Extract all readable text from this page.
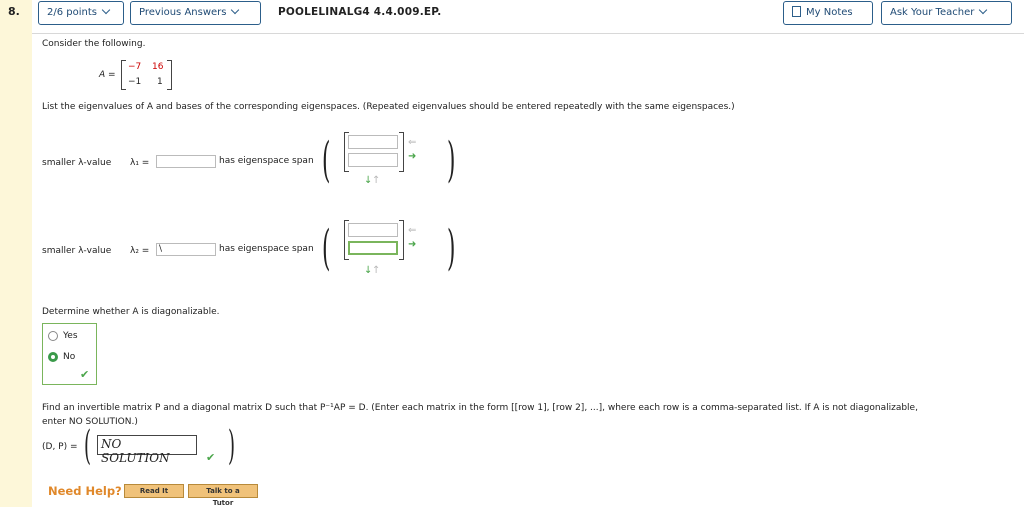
8.	2/6 points	Previous Answers	POOLELINALG4 4.4.009.EP.	My Notes	Ask Your Teacher
Consider the following.
A =
−7 16
−1 1
List the eigenvalues of A and bases of the corresponding eigenspaces. (Repeated eigenvalues should be entered repeatedly with the same eigenspaces.)
smaller λ-value λ₁ =	has eigenspace span (	⇐
➜
↓ ↑ )
smaller λ-value λ₂ =	\	has eigenspace span (	⇐
➜
↓ ↑ )
Determine whether A is diagonalizable.
Yes
No
✔
Find an invertible matrix P and a diagonal matrix D such that P⁻¹AP = D. (Enter each matrix in the form [[row 1], [row 2], ...], where each row is a comma-separated list. If A is not diagonalizable,
enter NO SOLUTION.)
(D, P) = ( NO SOLUTION	✔ )
Need Help?	Read It	Talk to a Tutor
